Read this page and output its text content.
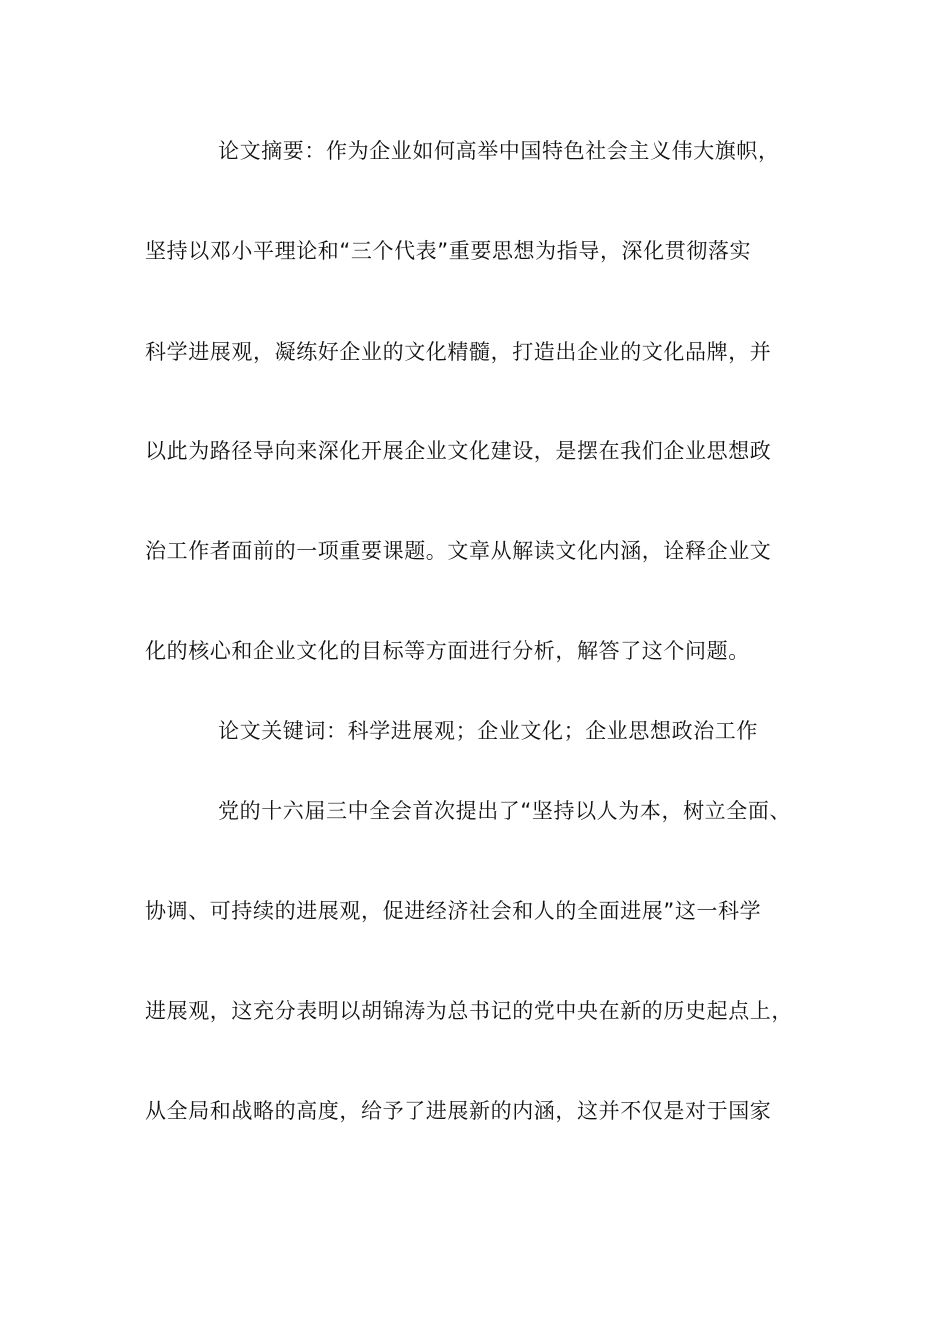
论文摘要：作为企业如何高举中国特色社会主义伟大旗帜，

坚持以邓小平理论和“三个代表”重要思想为指导，深化贯彻落实

科学进展观，凝练好企业的文化精髓，打造出企业的文化品牌，并

以此为路径导向来深化开展企业文化建设，是摆在我们企业思想政

治工作者面前的一项重要课题。文章从解读文化内涵，诠释企业文

化的核心和企业文化的目标等方面进行分析，解答了这个问题。

论文关键词：科学进展观；企业文化；企业思想政治工作

党的十六届三中全会首次提出了“坚持以人为本，树立全面、

协调、可持续的进展观，促进经济社会和人的全面进展”这一科学

进展观，这充分表明以胡锦涛为总书记的党中央在新的历史起点上，

从全局和战略的高度，给予了进展新的内涵，这并不仅是对于国家
